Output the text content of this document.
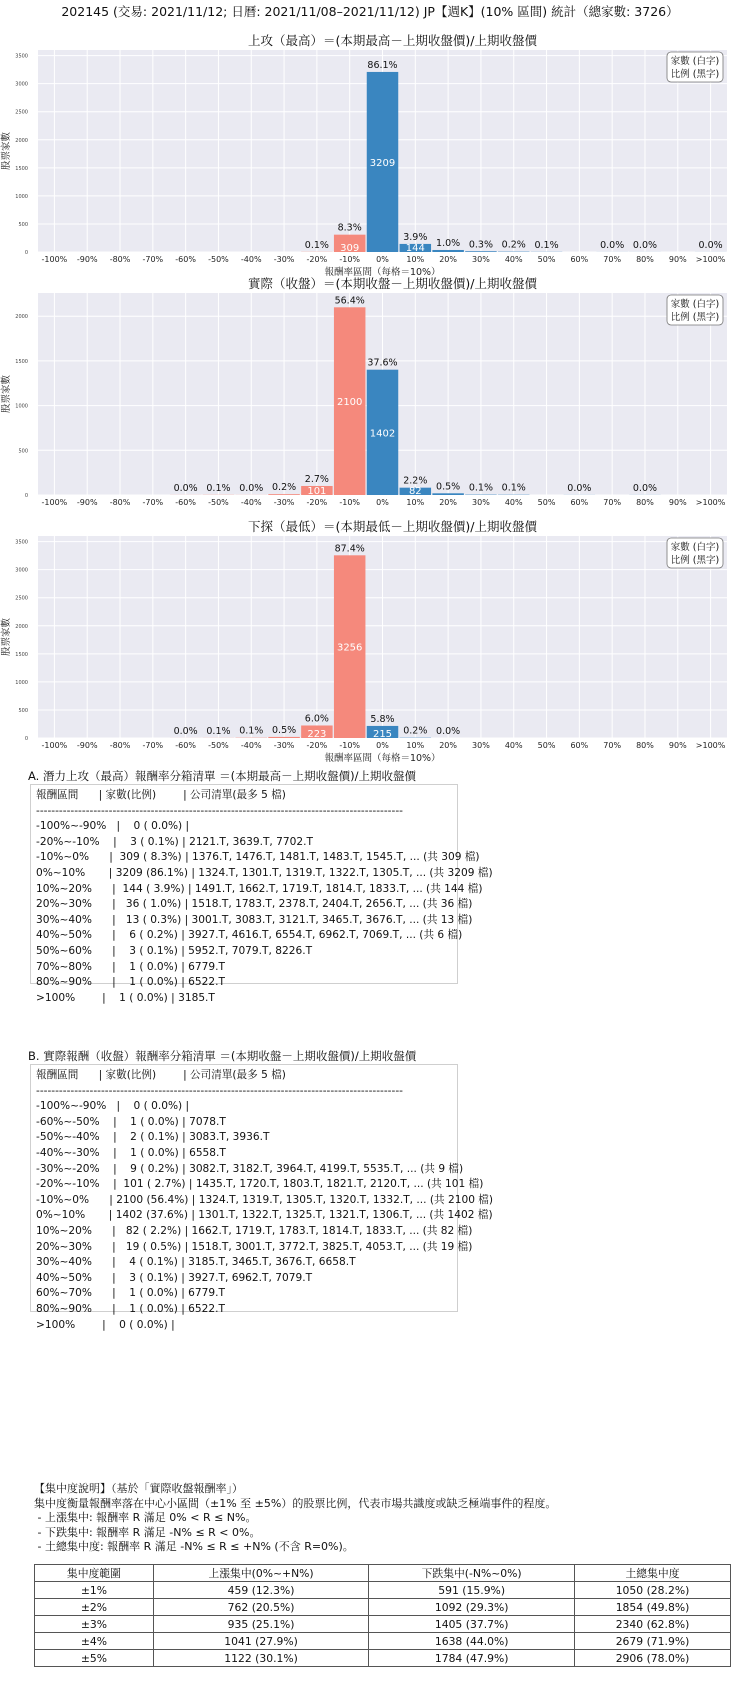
202145 (交易: 2021/11/12; 日曆: 2021/11/08–2021/11/12) JP【週K】(10% 區間) 統計（總家數: 3726）
上攻（最高）＝(本期最高－上期收盤價)/上期收盤價
0
500
1000
1500
2000
2500
3000
3500
股票家數
-100% -90% -80% -70% -60% -50% -40% -30%
0.1%
-20%
8.3%
309
-10%
86.1%
3209
0%
3.9%
144
10%
1.0%
20%
0.3%
30%
0.2%
40%
0.1%
50% 60%
0.0%
70%
0.0%
80% 90%
0.0%
>100%
報酬率區間（每格＝10%）
家數 (白字)
比例 (黑字)
實際（收盤）＝(本期收盤－上期收盤價)/上期收盤價
0
500
1000
1500
2000
股票家數
-100% -90% -80% -70%
0.0%
-60%
0.1%
-50%
0.0%
-40%
0.2%
-30%
2.7%
101
-20%
56.4%
2100
-10%
37.6%
1402
0%
2.2%
82
10%
0.5%
20%
0.1%
30%
0.1%
40% 50%
0.0%
60% 70%
0.0%
80% 90% >100%
家數 (白字)
比例 (黑字)
下探（最低）＝(本期最低－上期收盤價)/上期收盤價
0
500
1000
1500
2000
2500
3000
3500
股票家數
-100% -90% -80% -70%
0.0%
-60%
0.1%
-50%
0.1%
-40%
0.5%
-30%
6.0%
223
-20%
87.4%
3256
-10%
5.8%
215
0%
0.2%
10%
0.0%
20% 30% 40% 50% 60% 70% 80% 90% >100%
報酬率區間（每格＝10%）
家數 (白字)
比例 (黑字)
A. 潛力上攻（最高）報酬率分箱清單 ＝(本期最高－上期收盤價)/上期收盤價
報酬區間      | 家數(比例)        | 公司清單(最多 5 檔)
------------------------------------------------------------------------------------------------
-100%~-90%   |    0 ( 0.0%) |
-20%~-10%    |    3 ( 0.1%) | 2121.T, 3639.T, 7702.T
-10%~0%      |  309 ( 8.3%) | 1376.T, 1476.T, 1481.T, 1483.T, 1545.T, ... (共 309 檔)
0%~10%       | 3209 (86.1%) | 1324.T, 1301.T, 1319.T, 1322.T, 1305.T, ... (共 3209 檔)
10%~20%      |  144 ( 3.9%) | 1491.T, 1662.T, 1719.T, 1814.T, 1833.T, ... (共 144 檔)
20%~30%      |   36 ( 1.0%) | 1518.T, 1783.T, 2378.T, 2404.T, 2656.T, ... (共 36 檔)
30%~40%      |   13 ( 0.3%) | 3001.T, 3083.T, 3121.T, 3465.T, 3676.T, ... (共 13 檔)
40%~50%      |    6 ( 0.2%) | 3927.T, 4616.T, 6554.T, 6962.T, 7069.T, ... (共 6 檔)
50%~60%      |    3 ( 0.1%) | 5952.T, 7079.T, 8226.T
70%~80%      |    1 ( 0.0%) | 6779.T
80%~90%      |    1 ( 0.0%) | 6522.T
>100%        |    1 ( 0.0%) | 3185.T
B. 實際報酬（收盤）報酬率分箱清單 ＝(本期收盤－上期收盤價)/上期收盤價
報酬區間      | 家數(比例)        | 公司清單(最多 5 檔)
------------------------------------------------------------------------------------------------
-100%~-90%   |    0 ( 0.0%) |
-60%~-50%    |    1 ( 0.0%) | 7078.T
-50%~-40%    |    2 ( 0.1%) | 3083.T, 3936.T
-40%~-30%    |    1 ( 0.0%) | 6558.T
-30%~-20%    |    9 ( 0.2%) | 3082.T, 3182.T, 3964.T, 4199.T, 5535.T, ... (共 9 檔)
-20%~-10%    |  101 ( 2.7%) | 1435.T, 1720.T, 1803.T, 1821.T, 2120.T, ... (共 101 檔)
-10%~0%      | 2100 (56.4%) | 1324.T, 1319.T, 1305.T, 1320.T, 1332.T, ... (共 2100 檔)
0%~10%       | 1402 (37.6%) | 1301.T, 1322.T, 1325.T, 1321.T, 1306.T, ... (共 1402 檔)
10%~20%      |   82 ( 2.2%) | 1662.T, 1719.T, 1783.T, 1814.T, 1833.T, ... (共 82 檔)
20%~30%      |   19 ( 0.5%) | 1518.T, 3001.T, 3772.T, 3825.T, 4053.T, ... (共 19 檔)
30%~40%      |    4 ( 0.1%) | 3185.T, 3465.T, 3676.T, 6658.T
40%~50%      |    3 ( 0.1%) | 3927.T, 6962.T, 7079.T
60%~70%      |    1 ( 0.0%) | 6779.T
80%~90%      |    1 ( 0.0%) | 6522.T
>100%        |    0 ( 0.0%) |
【集中度說明】（基於「實際收盤報酬率」）
集中度衡量報酬率落在中心小區間（±1% 至 ±5%）的股票比例，代表市場共識度或缺乏極端事件的程度。
- 上漲集中: 報酬率 R 滿足 0% < R ≤ N%。
- 下跌集中: 報酬率 R 滿足 -N% ≤ R < 0%。
- 土總集中度: 報酬率 R 滿足 -N% ≤ R ≤ +N% (不含 R=0%)。
集中度範圍	上漲集中(0%~+N%)	下跌集中(-N%~0%)	土總集中度
±1%	459 (12.3%)	591 (15.9%)	1050 (28.2%)
±2%	762 (20.5%)	1092 (29.3%)	1854 (49.8%)
±3%	935 (25.1%)	1405 (37.7%)	2340 (62.8%)
±4%	1041 (27.9%)	1638 (44.0%)	2679 (71.9%)
±5%	1122 (30.1%)	1784 (47.9%)	2906 (78.0%)
